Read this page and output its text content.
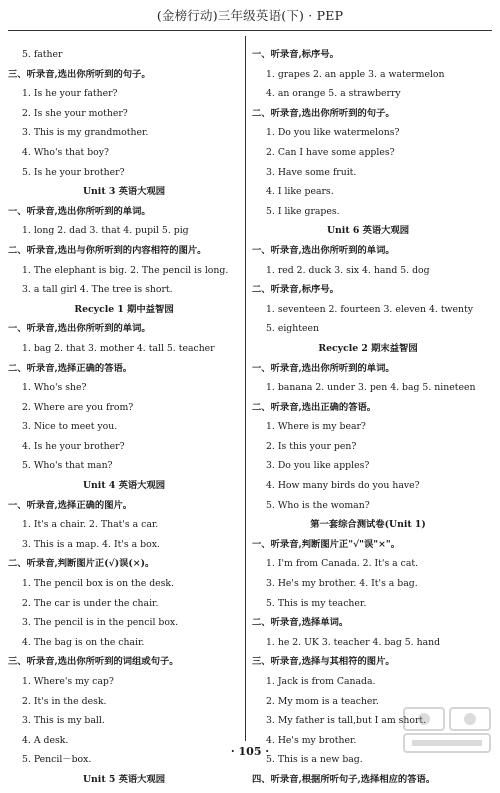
(金榜行动)三年级英语(下) · PEP
5. father
三、听录音,选出你所听到的句子。
1. Is he your father?
2. Is she your mother?
3. This is my grandmother.
4. Who's that boy?
5. Is he your brother?
Unit 3 英语大观园
一、听录音,选出你所听到的单词。
1. long 2. dad 3. that 4. pupil 5. pig
二、听录音,选出与你所听到的内容相符的图片。
1. The elephant is big. 2. The pencil is long.
3. a tall girl 4. The tree is short.
Recycle 1 期中益智园
一、听录音,选出你所听到的单词。
1. bag 2. that 3. mother 4. tall 5. teacher
二、听录音,选择正确的答语。
1. Who's she?
2. Where are you from?
3. Nice to meet you.
4. Is he your brother?
5. Who's that man?
Unit 4 英语大观园
一、听录音,选择正确的图片。
1. It's a chair. 2. That's a car.
3. This is a map. 4. It's a box.
二、听录音,判断图片正(√)误(×)。
1. The pencil box is on the desk.
2. The car is under the chair.
3. The pencil is in the pencil box.
4. The bag is on the chair.
三、听录音,选出你所听到的词组或句子。
1. Where's my cap?
2. It's in the desk.
3. This is my ball.
4. A desk.
5. Pencil－box.
Unit 5 英语大观园
一、听录音,标序号。
1. grapes 2. an apple 3. a watermelon
4. an orange 5. a strawberry
二、听录音,选出你所听到的句子。
1. Do you like watermelons?
2. Can I have some apples?
3. Have some fruit.
4. I like pears.
5. I like grapes.
Unit 6 英语大观园
一、听录音,选出你所听到的单词。
1. red 2. duck 3. six 4. hand 5. dog
二、听录音,标序号。
1. seventeen 2. fourteen 3. eleven 4. twenty
5. eighteen
Recycle 2 期末益智园
一、听录音,选出你所听到的单词。
1. banana 2. under 3. pen 4. bag 5. nineteen
二、听录音,选出正确的答语。
1. Where is my bear?
2. Is this your pen?
3. Do you like apples?
4. How many birds do you have?
5. Who is the woman?
第一套综合测试卷(Unit 1)
一、听录音,判断图片正"√"误"×"。
1. I'm from Canada. 2. It's a cat.
3. He's my brother. 4. It's a bag.
5. This is my teacher.
二、听录音,选择单词。
1. he 2. UK 3. teacher 4. bag 5. hand
三、听录音,选择与其相符的图片。
1. Jack is from Canada.
2. My mom is a teacher.
3. My father is tall,but I am short.
4. He's my brother.
5. This is a new bag.
四、听录音,根据所听句子,选择相应的答语。
· 105 ·
